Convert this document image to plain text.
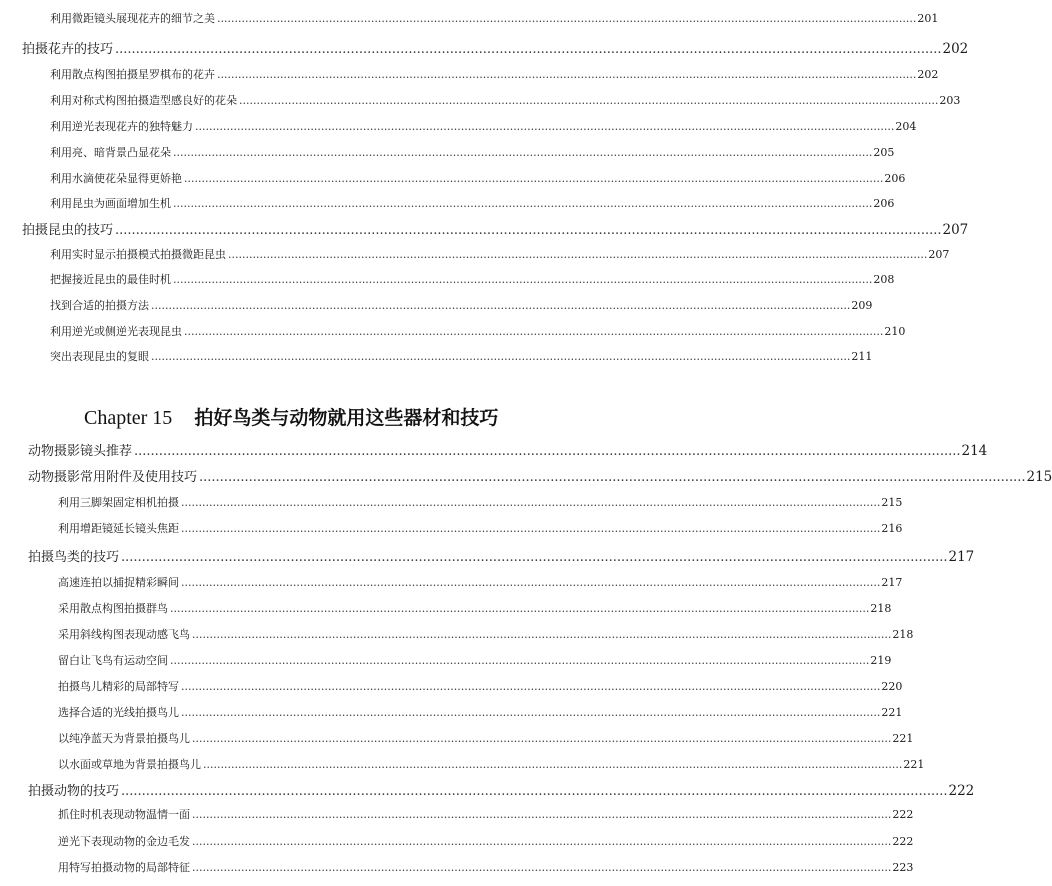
利用微距镜头展现花卉的细节之美 ........................................................................................................................................................................................................ 201
拍摄花卉的技巧 ........................................................................................................................................................................................................ 202
利用散点构图拍摄星罗棋布的花卉 ........................................................................................................................................................................................................ 202
利用对称式构图拍摄造型感良好的花朵 ........................................................................................................................................................................................................ 203
利用逆光表现花卉的独特魅力 ........................................................................................................................................................................................................ 204
利用亮、暗背景凸显花朵 ........................................................................................................................................................................................................ 205
利用水滴使花朵显得更娇艳 ........................................................................................................................................................................................................ 206
利用昆虫为画面增加生机 ........................................................................................................................................................................................................ 206
拍摄昆虫的技巧 ........................................................................................................................................................................................................ 207
利用实时显示拍摄模式拍摄微距昆虫 ........................................................................................................................................................................................................ 207
把握接近昆虫的最佳时机 ........................................................................................................................................................................................................ 208
找到合适的拍摄方法 ........................................................................................................................................................................................................ 209
利用逆光或侧逆光表现昆虫 ........................................................................................................................................................................................................ 210
突出表现昆虫的复眼 ........................................................................................................................................................................................................ 211
Chapter 15 拍好鸟类与动物就用这些器材和技巧
动物摄影镜头推荐 ........................................................................................................................................................................................................ 214
动物摄影常用附件及使用技巧 ........................................................................................................................................................................................................ 215
利用三脚架固定相机拍摄 ........................................................................................................................................................................................................ 215
利用增距镜延长镜头焦距 ........................................................................................................................................................................................................ 216
拍摄鸟类的技巧 ........................................................................................................................................................................................................ 217
高速连拍以捕捉精彩瞬间 ........................................................................................................................................................................................................ 217
采用散点构图拍摄群鸟 ........................................................................................................................................................................................................ 218
采用斜线构图表现动感飞鸟 ........................................................................................................................................................................................................ 218
留白让飞鸟有运动空间 ........................................................................................................................................................................................................ 219
拍摄鸟儿精彩的局部特写 ........................................................................................................................................................................................................ 220
选择合适的光线拍摄鸟儿 ........................................................................................................................................................................................................ 221
以纯净蓝天为背景拍摄鸟儿 ........................................................................................................................................................................................................ 221
以水面或草地为背景拍摄鸟儿 ........................................................................................................................................................................................................ 221
拍摄动物的技巧 ........................................................................................................................................................................................................ 222
抓住时机表现动物温情一面 ........................................................................................................................................................................................................ 222
逆光下表现动物的金边毛发 ........................................................................................................................................................................................................ 222
用特写拍摄动物的局部特征 ........................................................................................................................................................................................................ 223
